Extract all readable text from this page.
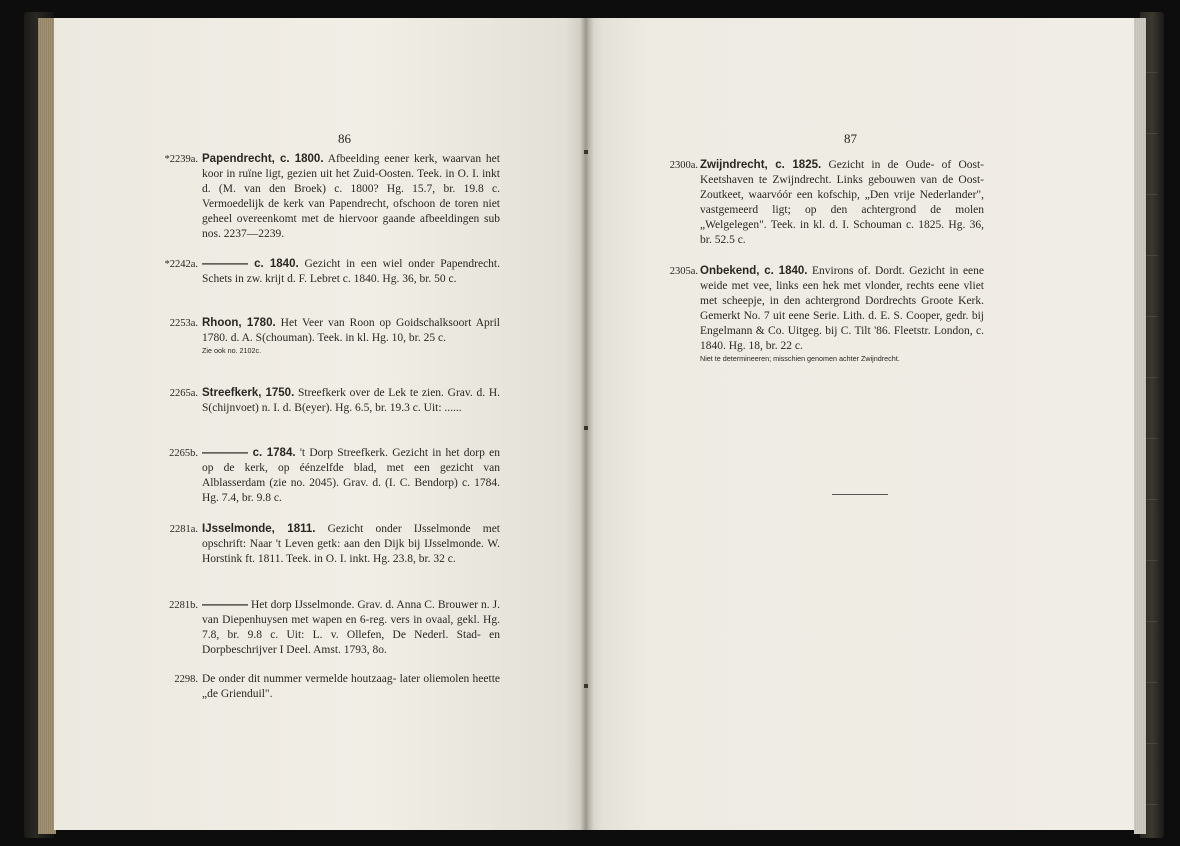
86
*2239a. Papendrecht, c. 1800. Afbeelding eener kerk, waarvan het koor in ruïne ligt, gezien uit het Zuid-Oosten. Teek. in O. I. inkt d. (M. van den Broek) c. 1800? Hg. 15.7, br. 19.8 c. Vermoedelijk de kerk van Papendrecht, ofschoon de toren niet geheel overeenkomt met de hiervoor gaande afbeeldingen sub nos. 2237—2239.
*2242a. ———— c. 1840. Gezicht in een wiel onder Papendrecht. Schets in zw. krijt d. F. Lebret c. 1840. Hg. 36, br. 50 c.
2253a. Rhoon, 1780. Het Veer van Roon op Goidschalksoort April 1780. d. A. S(chouman). Teek. in kl. Hg. 10, br. 25 c.
Zie ook no. 2102c.
2265a. Streefkerk, 1750. Streefkerk over de Lek te zien. Grav. d. H. S(chijnvoet) n. I. d. B(eyer). Hg. 6.5, br. 19.3 c. Uit: ......
2265b. ———— c. 1784. 't Dorp Streefkerk. Gezicht in het dorp en op de kerk, op éénzelfde blad, met een gezicht van Alblasserdam (zie no. 2045). Grav. d. (I. C. Bendorp) c. 1784. Hg. 7.4, br. 9.8 c.
2281a. IJsselmonde, 1811. Gezicht onder IJsselmonde met opschrift: Naar 't Leven getk: aan den Dijk bij IJsselmonde. W. Horstink ft. 1811. Teek. in O. I. inkt. Hg. 23.8, br. 32 c.
2281b. ———— Het dorp IJsselmonde. Grav. d. Anna C. Brouwer n. J. van Diepenhuysen met wapen en 6-reg. vers in ovaal, gekl. Hg. 7.8, br. 9.8 c. Uit: L. v. Ollefen, De Nederl. Stad- en Dorpbeschrijver I Deel. Amst. 1793, 8o.
2298. De onder dit nummer vermelde houtzaag- later oliemolen heette „de Grienduil".
87
2300a. Zwijndrecht, c. 1825. Gezicht in de Oude- of Oost-Keetshaven te Zwijndrecht. Links gebouwen van de Oost-Zoutkeet, waarvóór een kofschip, „Den vrije Nederlander", vastgemeerd ligt; op den achtergrond de molen „Welgelegen". Teek. in kl. d. I. Schouman c. 1825. Hg. 36, br. 52.5 c.
2305a. Onbekend, c. 1840. Environs of. Dordt. Gezicht in eene weide met vee, links een hek met vlonder, rechts eene vliet met scheepje, in den achtergrond Dordrechts Groote Kerk. Gemerkt No. 7 uit eene Serie. Lith. d. E. S. Cooper, gedr. bij Engelmann & Co. Uitgeg. bij C. Tilt '86. Fleetstr. London, c. 1840. Hg. 18, br. 22 c.
Niet te determineeren; misschien genomen achter Zwijndrecht.
